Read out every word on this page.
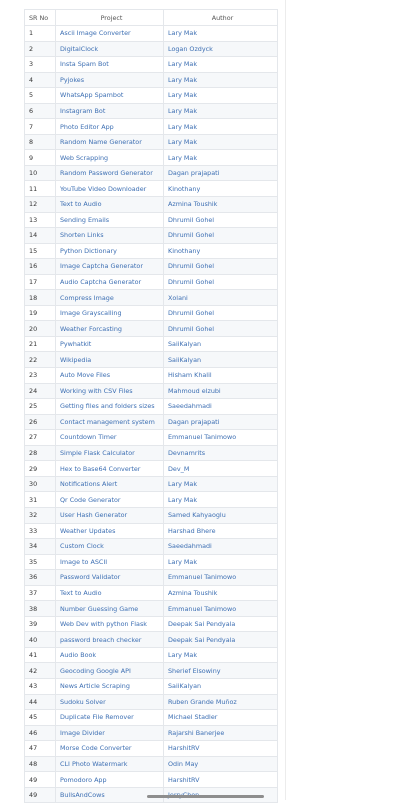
SR No	Project	Author
1	Ascii Image Converter	Lary Mak
2	DigitalClock	Logan Ozdyck
3	Insta Spam Bot	Lary Mak
4	Pyjokes	Lary Mak
5	WhatsApp Spambot	Lary Mak
6	Instagram Bot	Lary Mak
7	Photo Editor App	Lary Mak
8	Random Name Generator	Lary Mak
9	Web Scrapping	Lary Mak
10	Random Password Generator	Dagan prajapati
11	YouTube Video Downloader	Kinothany
12	Text to Audio	Azmina Toushik
13	Sending Emails	Dhrumil Gohel
14	Shorten Links	Dhrumil Gohel
15	Python Dictionary	Kinothany
16	Image Captcha Generator	Dhrumil Gohel
17	Audio Captcha Generator	Dhrumil Gohel
18	Compress Image	Xolani
19	Image Grayscalling	Dhrumil Gohel
20	Weather Forcasting	Dhrumil Gohel
21	Pywhatkit	SaiiKalyan
22	Wikipedia	SaiiKalyan
23	Auto Move Files	Hisham Khalil
24	Working with CSV Files	Mahmoud elzubi
25	Getting files and folders sizes	Saeedahmadi
26	Contact management system	Dagan prajapati
27	Countdown Timer	Emmanuel Tanimowo
28	Simple Flask Calculator	Devnamrits
29	Hex to Base64 Converter	Dev_M
30	Notifications Alert	Lary Mak
31	Qr Code Generator	Lary Mak
32	User Hash Generator	Samed Kahyaoglu
33	Weather Updates	Harshad Bhere
34	Custom Clock	Saeedahmadi
35	Image to ASCII	Lary Mak
36	Password Validator	Emmanuel Tanimowo
37	Text to Audio	Azmina Toushik
38	Number Guessing Game	Emmanuel Tanimowo
39	Web Dev with python Flask	Deepak Sai Pendyala
40	password breach checker	Deepak Sai Pendyala
41	Audio Book	Lary Mak
42	Geocoding Google API	Sherief Elsowiny
43	News Article Scraping	SaiiKalyan
44	Sudoku Solver	Ruben Grande Muñoz
45	Duplicate File Remover	Michael Stadler
46	Image Divider	Rajarshi Banerjee
47	Morse Code Converter	HarshitRV
48	CLI Photo Watermark	Odin May
49	Pomodoro App	HarshitRV
49	BullsAndCows	
